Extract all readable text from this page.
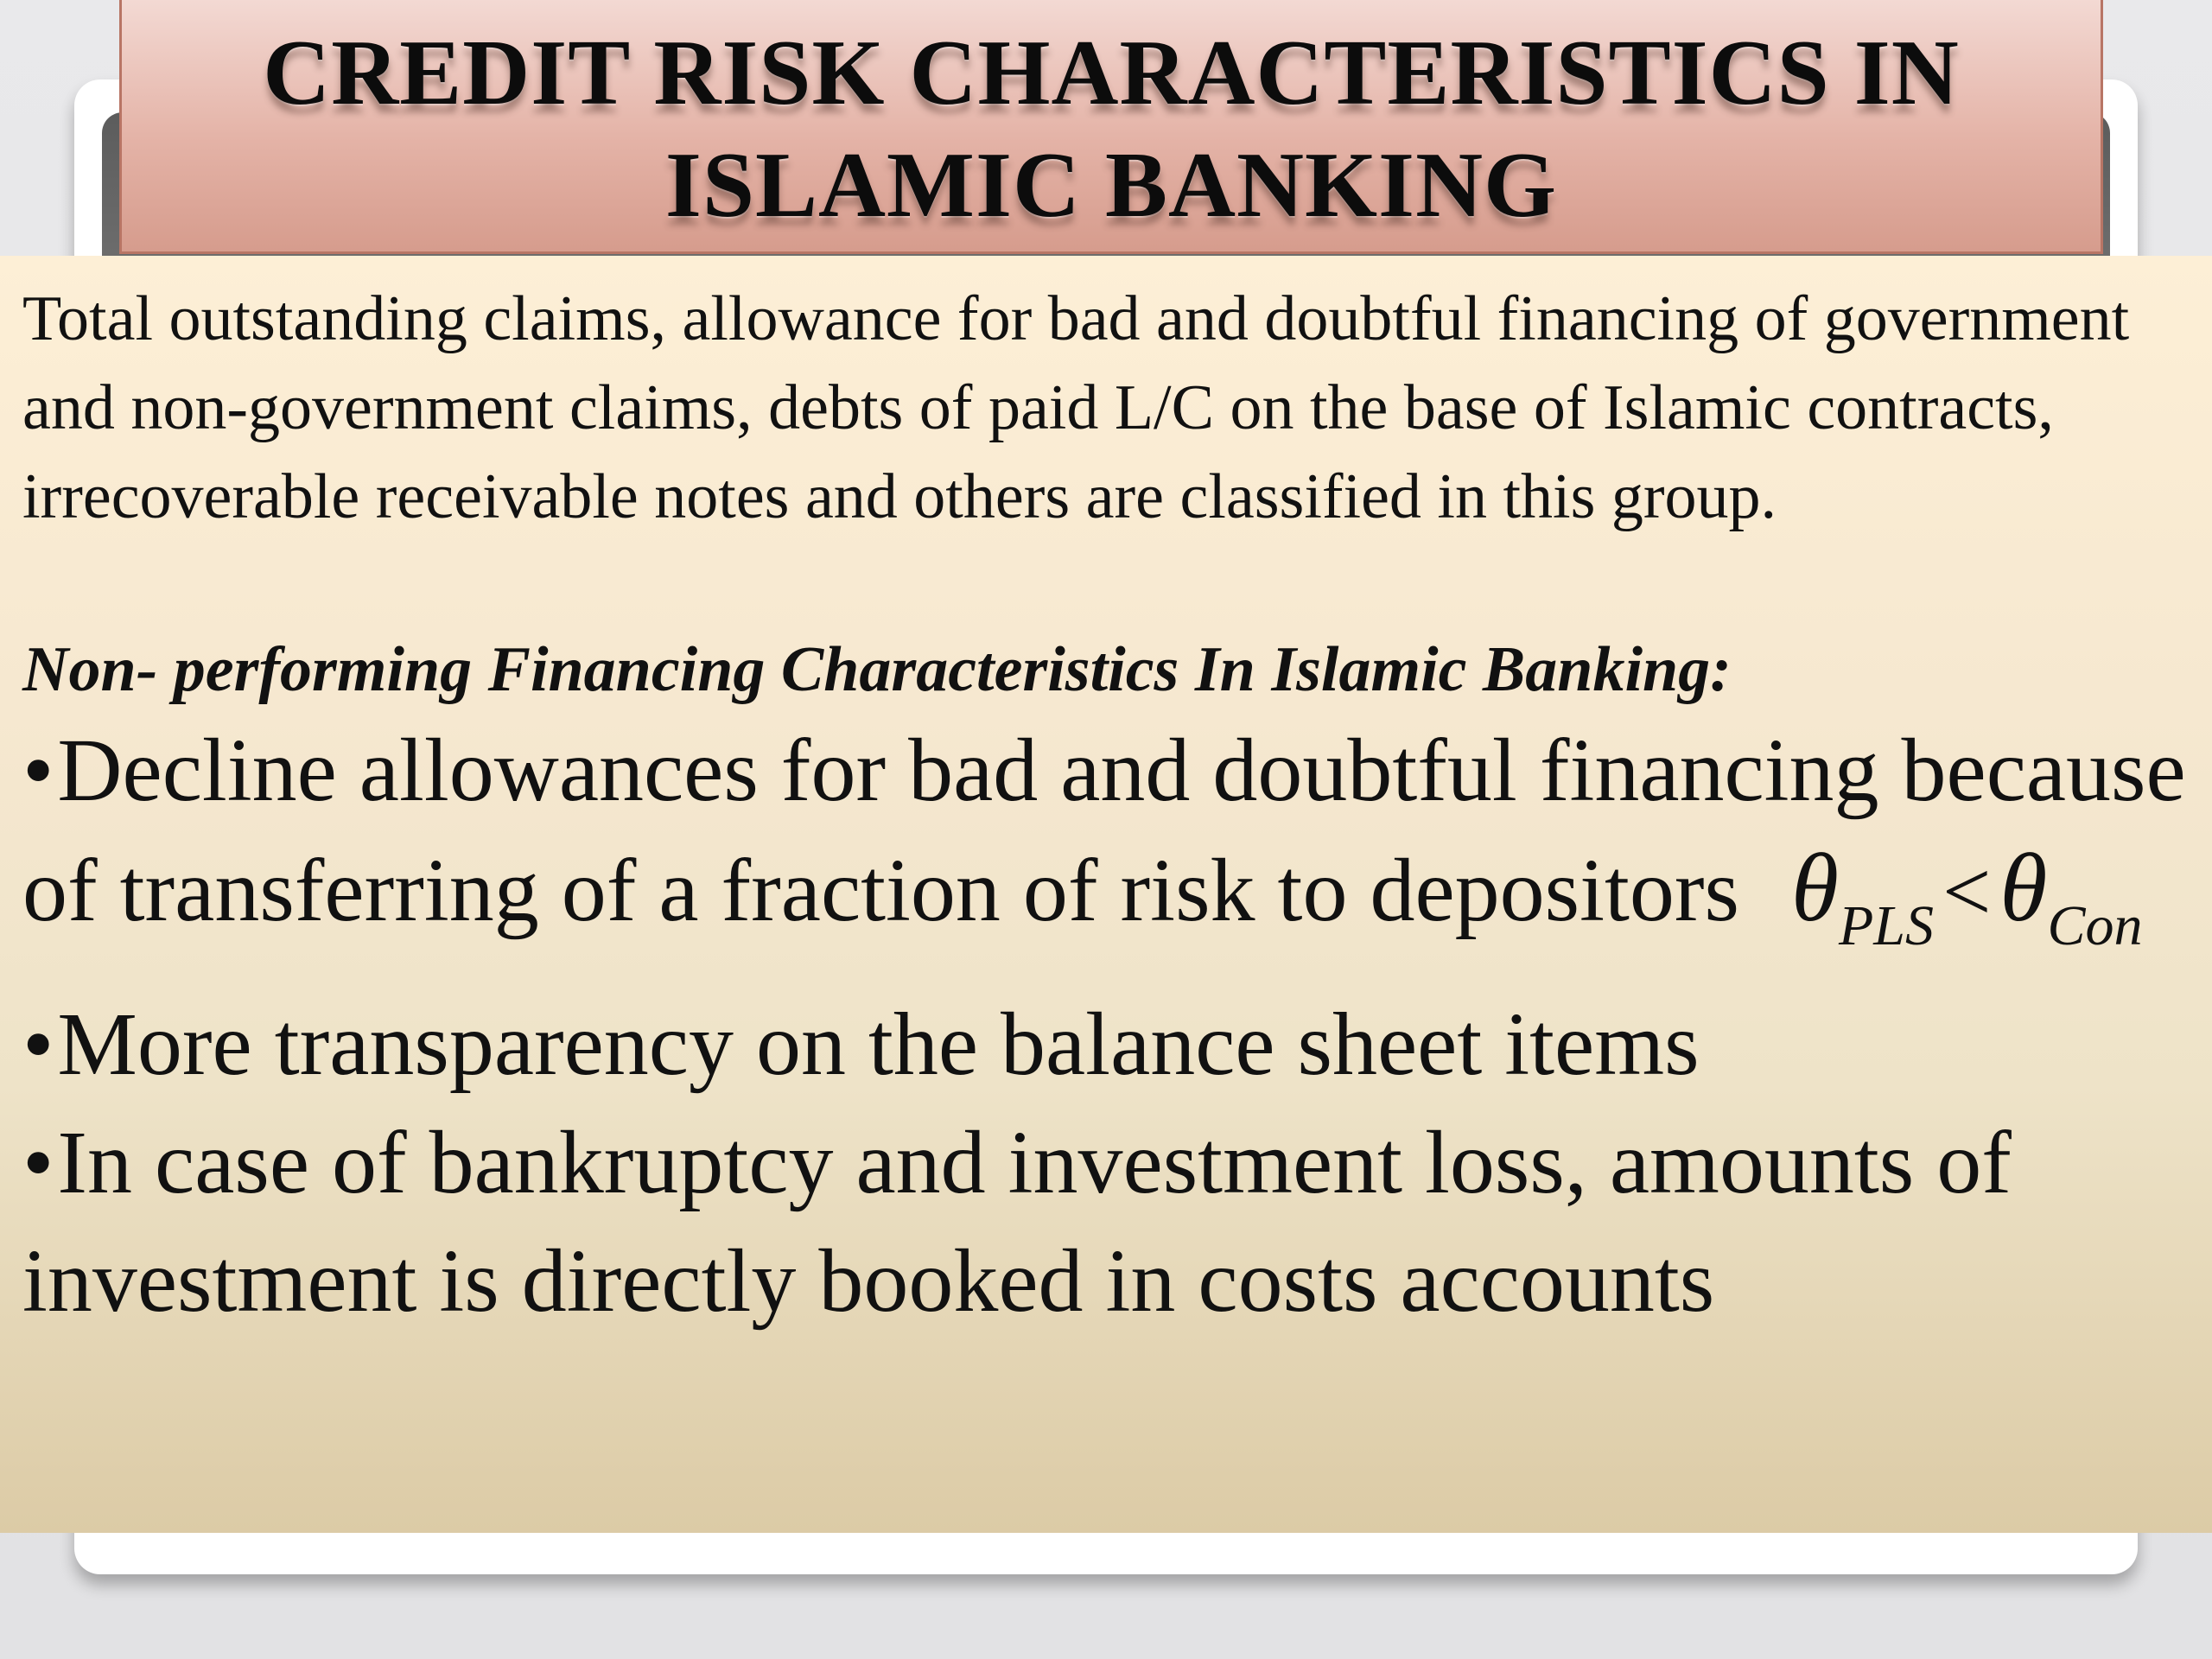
CREDIT RISK CHARACTERISTICS IN
ISLAMIC BANKING

Total outstanding claims, allowance for bad and doubtful financing of government and non-government claims, debts of paid L/C on the base of Islamic contracts, irrecoverable receivable notes and others are classified in this group.

Non- performing Financing Characteristics In Islamic Banking:

•Decline allowances for bad and doubtful financing because of transferring of a fraction of risk to depositors $\theta_{PLS} <\theta_{Con}$
•More transparency on the balance sheet items
•In case of bankruptcy and investment loss, amounts of investment is directly booked in costs accounts
